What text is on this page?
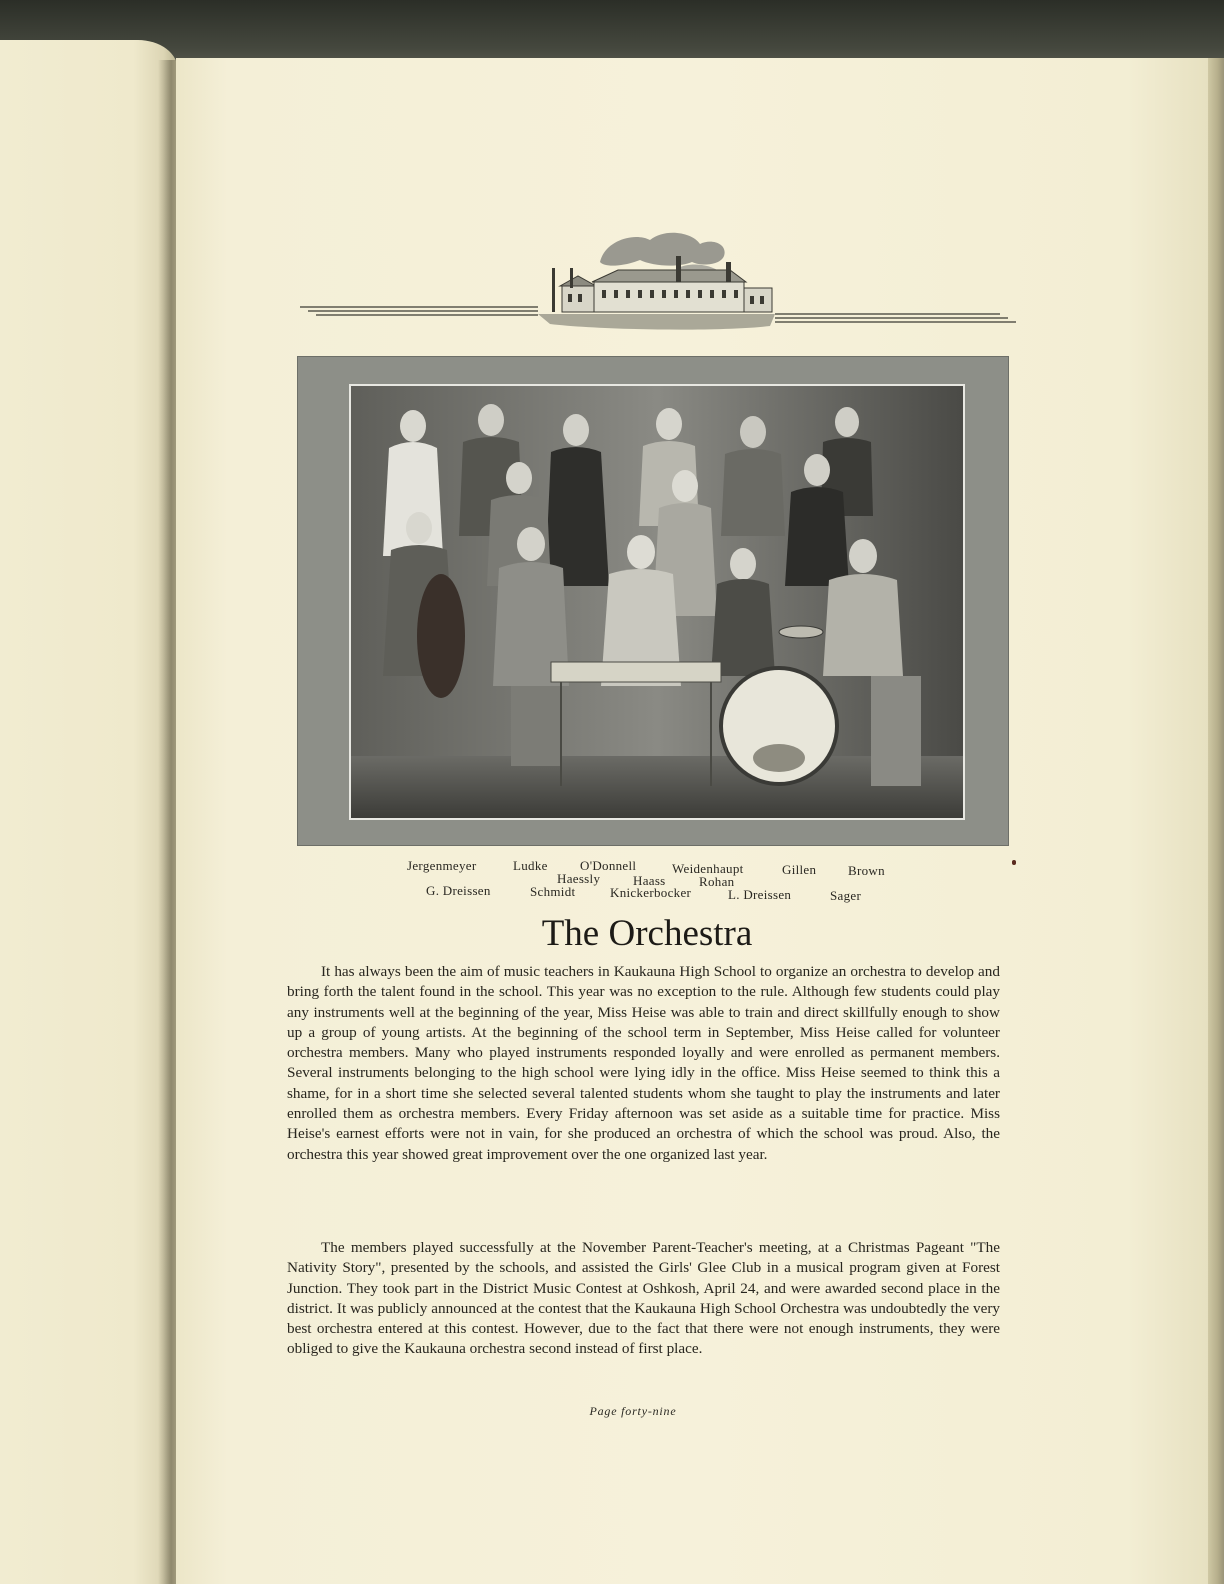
Jergenmeyer	Ludke O'Donnell	Weidenhaupt	Gillen Brown
Haessly	Haass	Rohan
G. Dreissen	Schmidt	Knickerbocker	L. Dreissen	Sager
The Orchestra

It has always been the aim of music teachers in Kaukauna High School to organize an orchestra to develop and bring forth the talent found in the school. This year was no exception to the rule. Although few students could play any instruments well at the beginning of the year, Miss Heise was able to train and direct skillfully enough to show up a group of young artists. At the beginning of the school term in September, Miss Heise called for volunteer orchestra members. Many who played instruments responded loyally and were enrolled as permanent members. Several instruments belonging to the high school were lying idly in the office. Miss Heise seemed to think this a shame, for in a short time she selected several talented students whom she taught to play the instruments and later enrolled them as orchestra members. Every Friday afternoon was set aside as a suitable time for practice. Miss Heise's earnest efforts were not in vain, for she produced an orchestra of which the school was proud. Also, the orchestra this year showed great improvement over the one organized last year.

The members played successfully at the November Parent-Teacher's meeting, at a Christmas Pageant "The Nativity Story", presented by the schools, and assisted the Girls' Glee Club in a musical program given at Forest Junction. They took part in the District Music Contest at Oshkosh, April 24, and were awarded second place in the district. It was publicly announced at the contest that the Kaukauna High School Orchestra was undoubtedly the very best orchestra entered at this contest. However, due to the fact that there were not enough instruments, they were obliged to give the Kaukauna orchestra second instead of first place.

Page forty-nine
